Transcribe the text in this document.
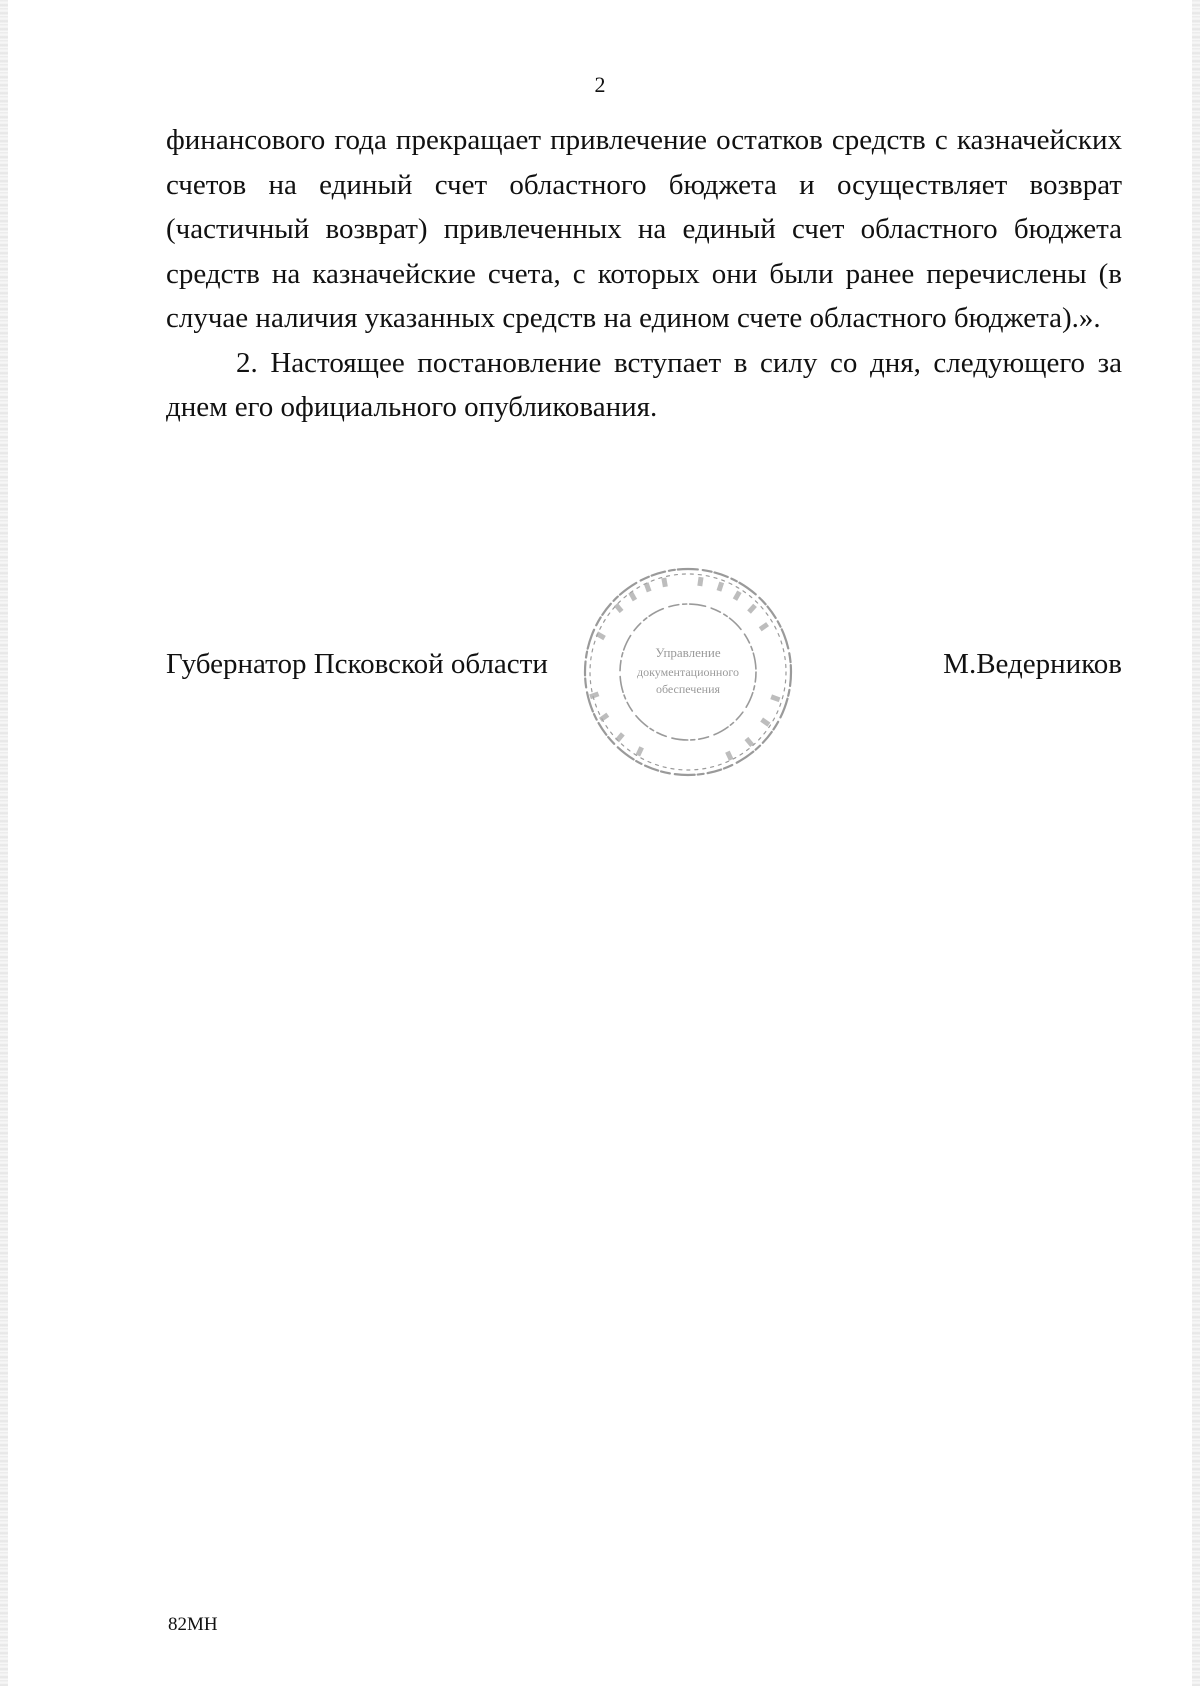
2

финансового года прекращает привлечение остатков средств с казначейских счетов на единый счет областного бюджета и осуществляет возврат (частичный возврат) привлеченных на единый счет областного бюджета средств на казначейские счета, с которых они были ранее перечислены (в случае наличия указанных средств на едином счете областного бюджета).».

2. Настоящее постановление вступает в силу со дня, следующего за днем его официального опубликования.

Губернатор Псковской области	М.Ведерников
Управление
документационного
обеспечения
82МН
